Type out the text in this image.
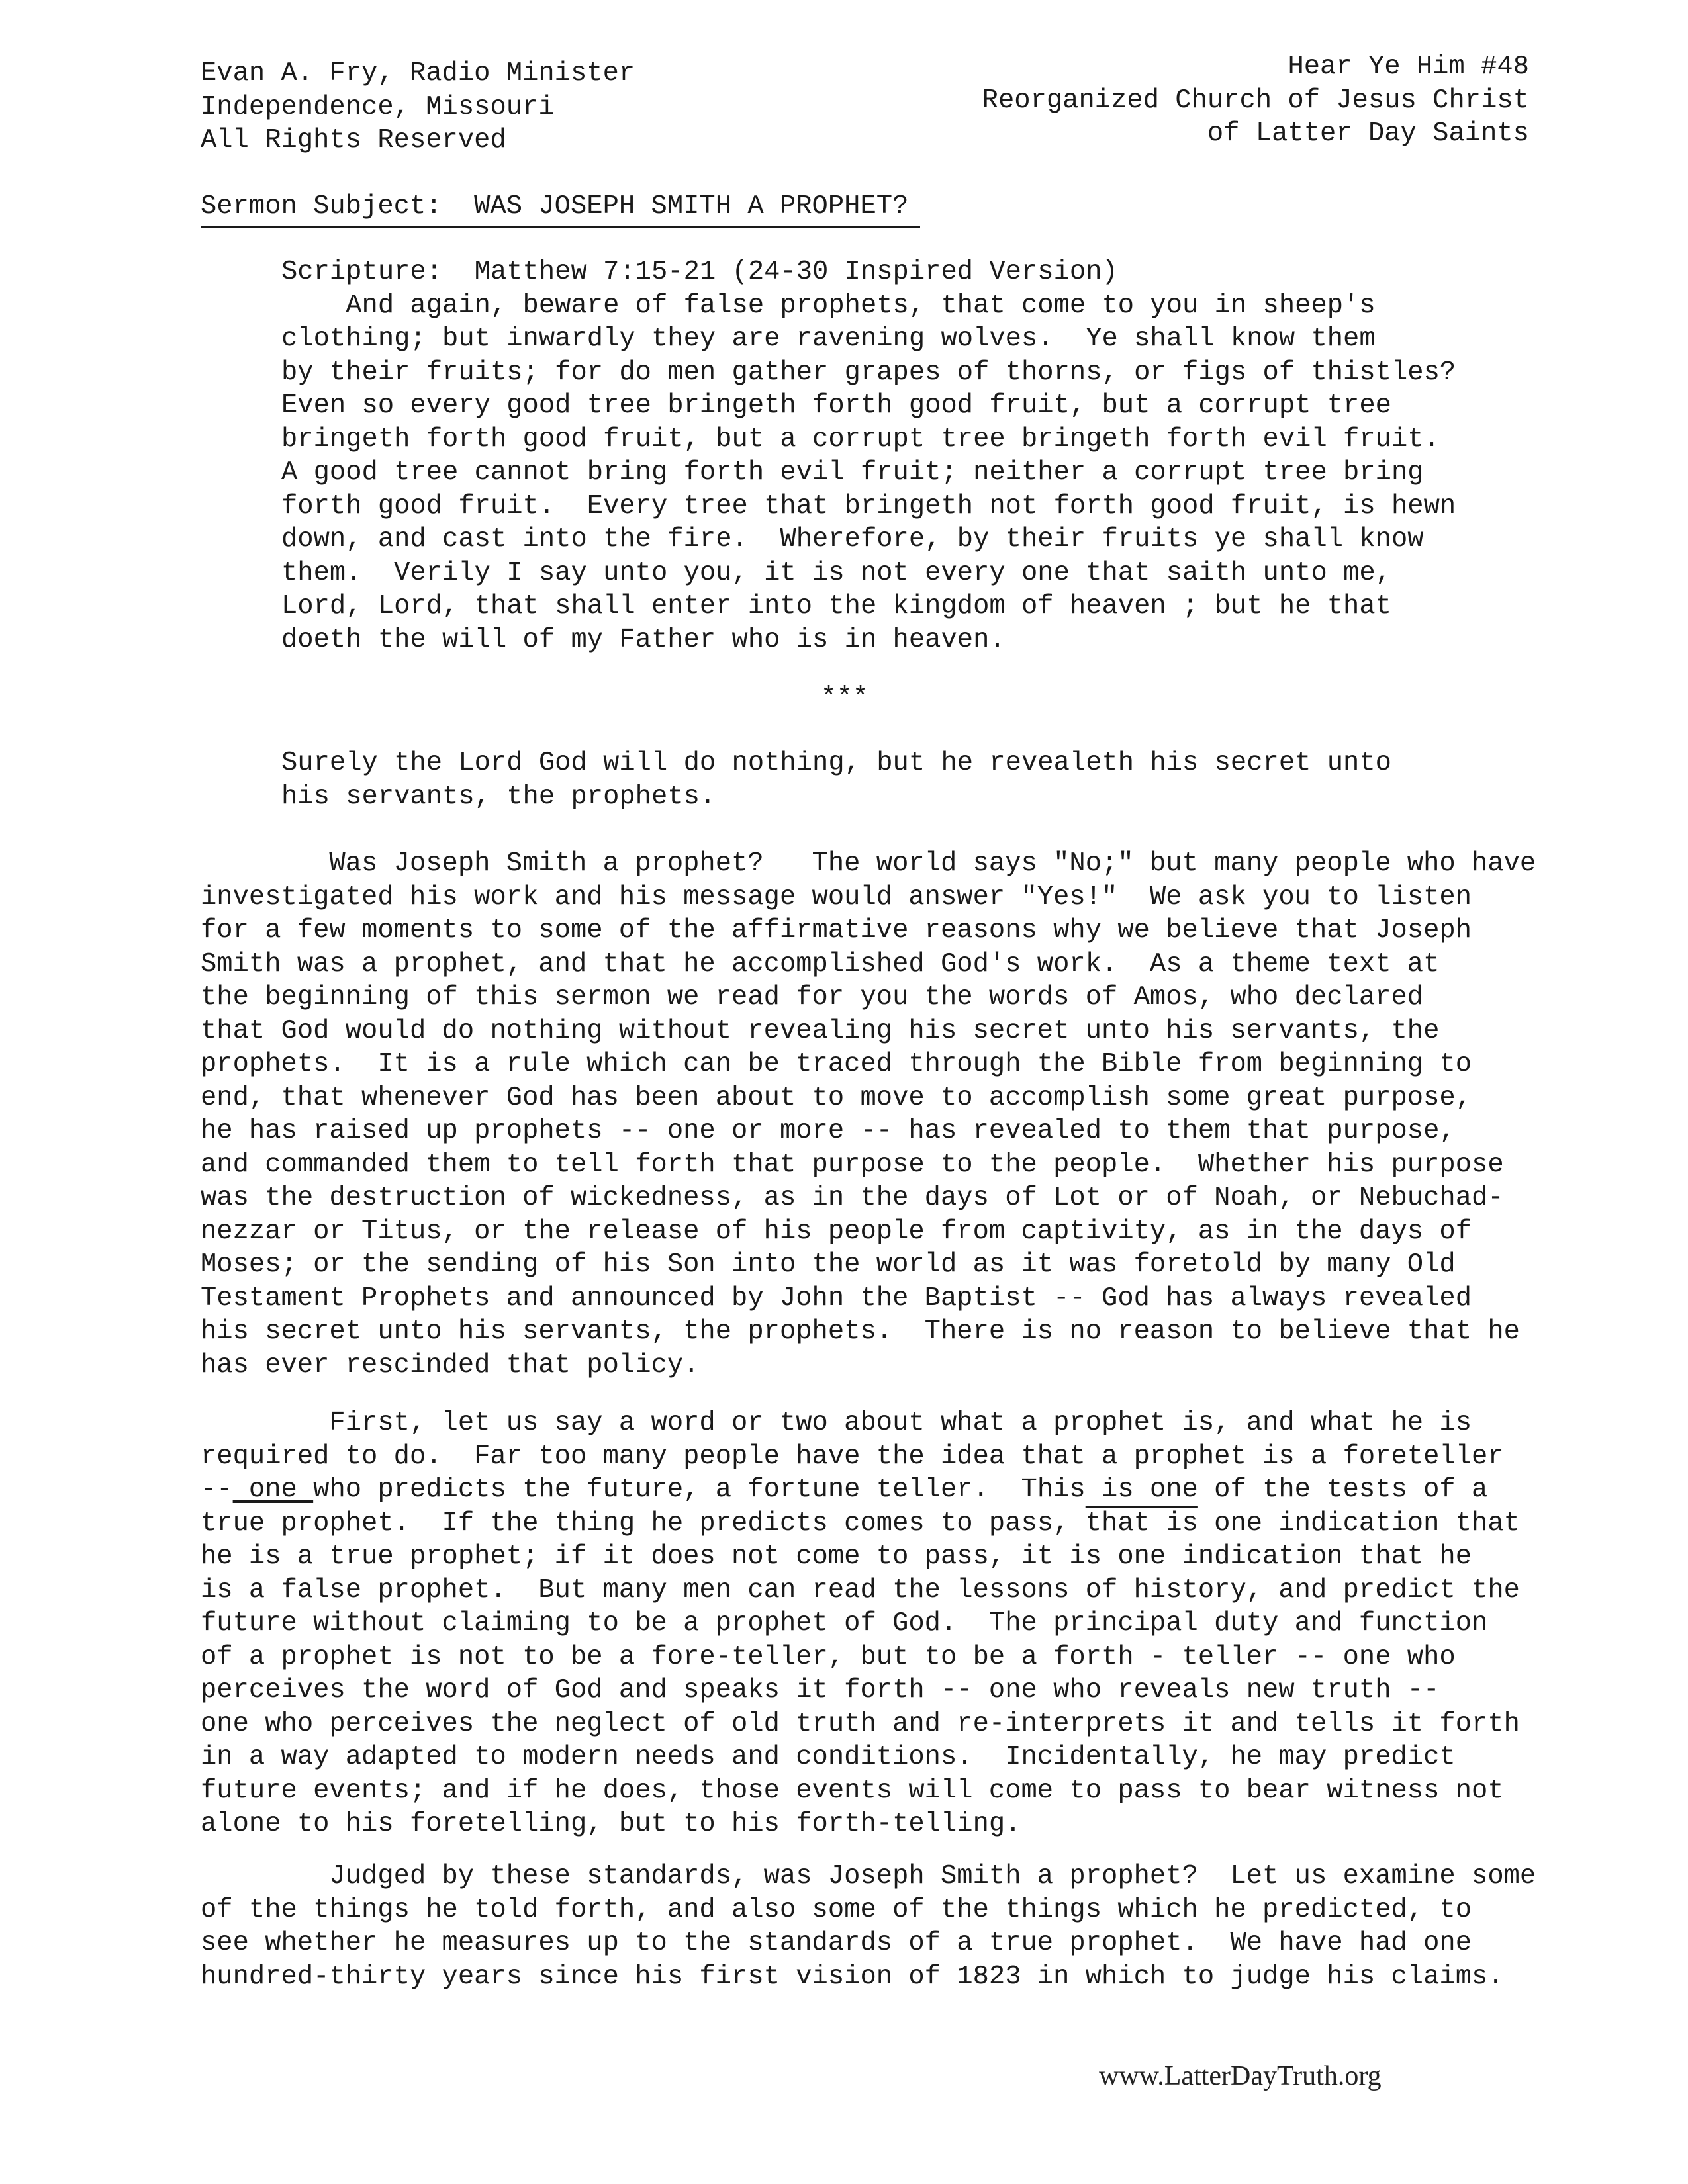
Evan A. Fry, Radio Minister
Independence, Missouri
All Rights Reserved
Hear Ye Him #48
Reorganized Church of Jesus Christ
of Latter Day Saints
Sermon Subject:  WAS JOSEPH SMITH A PROPHET?
Scripture:  Matthew 7:15-21 (24-30 Inspired Version)
And again, beware of false prophets, that come to you in sheep's
clothing; but inwardly they are ravening wolves.  Ye shall know them
by their fruits; for do men gather grapes of thorns, or figs of thistles?
Even so every good tree bringeth forth good fruit, but a corrupt tree
bringeth forth good fruit, but a corrupt tree bringeth forth evil fruit.
A good tree cannot bring forth evil fruit; neither a corrupt tree bring
forth good fruit.  Every tree that bringeth not forth good fruit, is hewn
down, and cast into the fire.  Wherefore, by their fruits ye shall know
them.  Verily I say unto you, it is not every one that saith unto me,
Lord, Lord, that shall enter into the kingdom of heaven ; but he that
doeth the will of my Father who is in heaven.
***
Surely the Lord God will do nothing, but he revealeth his secret unto
his servants, the prophets.
Was Joseph Smith a prophet?   The world says "No;" but many people who have
investigated his work and his message would answer "Yes!"  We ask you to listen
for a few moments to some of the affirmative reasons why we believe that Joseph
Smith was a prophet, and that he accomplished God's work.  As a theme text at
the beginning of this sermon we read for you the words of Amos, who declared
that God would do nothing without revealing his secret unto his servants, the
prophets.  It is a rule which can be traced through the Bible from beginning to
end, that whenever God has been about to move to accomplish some great purpose,
he has raised up prophets -- one or more -- has revealed to them that purpose,
and commanded them to tell forth that purpose to the people.  Whether his purpose
was the destruction of wickedness, as in the days of Lot or of Noah, or Nebuchad-
nezzar or Titus, or the release of his people from captivity, as in the days of
Moses; or the sending of his Son into the world as it was foretold by many Old
Testament Prophets and announced by John the Baptist -- God has always revealed
his secret unto his servants, the prophets.  There is no reason to believe that he
has ever rescinded that policy.
First, let us say a word or two about what a prophet is, and what he is
required to do.  Far too many people have the idea that a prophet is a foreteller
-- one who predicts the future, a fortune teller.  This is one of the tests of a
true prophet.  If the thing he predicts comes to pass, that is one indication that
he is a true prophet; if it does not come to pass, it is one indication that he
is a false prophet.  But many men can read the lessons of history, and predict the
future without claiming to be a prophet of God.  The principal duty and function
of a prophet is not to be a fore-teller, but to be a forth - teller -- one who
perceives the word of God and speaks it forth -- one who reveals new truth --
one who perceives the neglect of old truth and re-interprets it and tells it forth
in a way adapted to modern needs and conditions.  Incidentally, he may predict
future events; and if he does, those events will come to pass to bear witness not
alone to his foretelling, but to his forth-telling.
Judged by these standards, was Joseph Smith a prophet?  Let us examine some
of the things he told forth, and also some of the things which he predicted, to
see whether he measures up to the standards of a true prophet.  We have had one
hundred-thirty years since his first vision of 1823 in which to judge his claims.
www.LatterDayTruth.org
